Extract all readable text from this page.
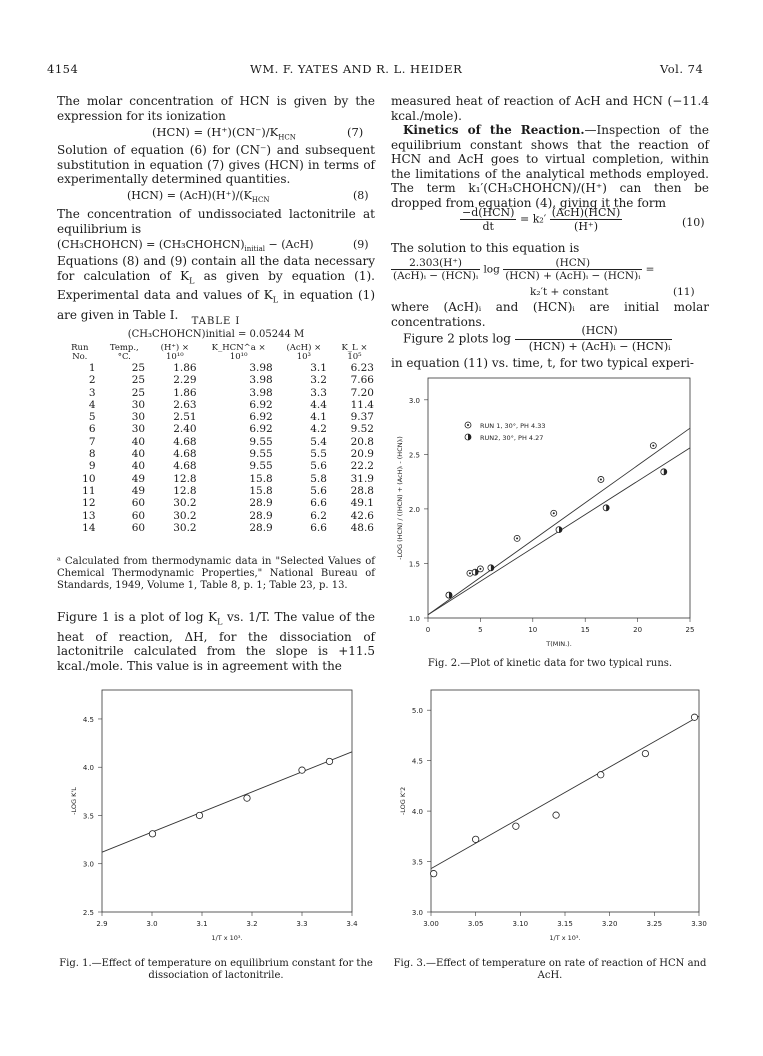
4154	WM. F. YATES AND R. L. HEIDER	Vol. 74
The molar concentration of HCN is given by the expression for its ionization
$(HCN) = (H^+)(CN^-)/K_{HCN}$	(7)
Solution of equation (6) for (CN⁻) and subsequent substitution in equation (7) gives (HCN) in terms of experimentally determined quantities.
$(HCN) = (AcH)(H^+)/(K_{HCN}$	(8)
The concentration of undissociated lactonitrile at equilibrium is
(CH₃CHOHCN) = $(CH_3CHOHCN)_{initial} - (AcH)$	(9)
Equations (8) and (9) contain all the data necessary for calculation of $K_L$ as given by equation (1). Experimental data and values of $K_L$ in equation (1) are given in Table I.	TABLE I
(CH₃CHOHCN)initial = 0.05244 M
Run No.	Temp., °C.	(H⁺) × 10¹⁰	K_HCN^a × 10¹⁰	(AcH) × 10³	K_L × 10⁵
1	25	1.86	3.98	3.1	6.23
2	25	2.29	3.98	3.2	7.66
3	25	1.86	3.98	3.3	7.20
4	30	2.63	6.92	4.4	11.4
5	30	2.51	6.92	4.1	9.37
6	30	2.40	6.92	4.2	9.52
7	40	4.68	9.55	5.4	20.8
8	40	4.68	9.55	5.5	20.9
9	40	4.68	9.55	5.6	22.2
10	49	12.8	15.8	5.8	31.9
11	49	12.8	15.8	5.6	28.8
12	60	30.2	28.9	6.6	49.1
13	60	30.2	28.9	6.2	42.6
14	60	30.2	28.9	6.6	48.6
ᵃ Calculated from thermodynamic data in "Selected Values of Chemical Thermodynamic Properties," National Bureau of Standards, 1949, Volume 1, Table 8, p. 1; Table 23, p. 13.
Figure 1 is a plot of $\log K_L$ vs. 1/T. The value of the heat of reaction, ΔH, for the dissociation of lactonitrile calculated from the slope is +11.5 kcal./mole. This value is in agreement with the
measured heat of reaction of AcH and HCN (−11.4 kcal./mole).
Kinetics of the Reaction.—Inspection of the equilibrium constant shows that the reaction of HCN and AcH goes to virtual completion, within the limitations of the analytical methods employed. The term k₁′(CH₃CHOHCN)/(H⁺) can then be dropped from equation (4), giving it the form
$\frac{\text{−d(HCN)}}{dt} = k_2' \frac{\text{(AcH)(HCN)}}{(H^+)}$	(10)
The solution to this equation is
$\frac{2.303(H^+)}{\text{(AcH)ᵢ − (HCN)ᵢ}}$ $\log \frac{\text{(HCN)}}{\text{(HCN) + (AcH)ᵢ − (HCN)ᵢ}}$ =
k₂′t + constant	(11)
where (AcH)ᵢ and (HCN)ᵢ are initial molar concentrations.
Figure 2 plots $\log \frac{\text{(HCN)}}{\text{(HCN) + (AcH)ᵢ − (HCN)ᵢ}}$
in equation (11) vs. time, t, for two typical experi-
0	5	10	15	20	25
1.0
1.5
2.0
2.5
3.0
T(MIN.).
-LOG (HCN) / ((HCN) + (AcH)ᵢ - (HCN)ᵢ)
RUN 1, 30°, PH 4.33
RUN2, 30°, PH 4.27
Fig. 2.—Plot of kinetic data for two typical runs.
2.9	3.0	3.1	3.2	3.3	3.4
2.5
3.0
3.5
4.0
4.5
1/T x 10³.
-LOG K'L
Fig. 1.—Effect of temperature on equilibrium constant for the dissociation of lactonitrile.
3.00	3.05	3.10	3.15	3.20	3.25	3.30
3.0
3.5
4.0
4.5
5.0
1/T x 10³.
-LOG K'2
Fig. 3.—Effect of temperature on rate of reaction of HCN and AcH.
